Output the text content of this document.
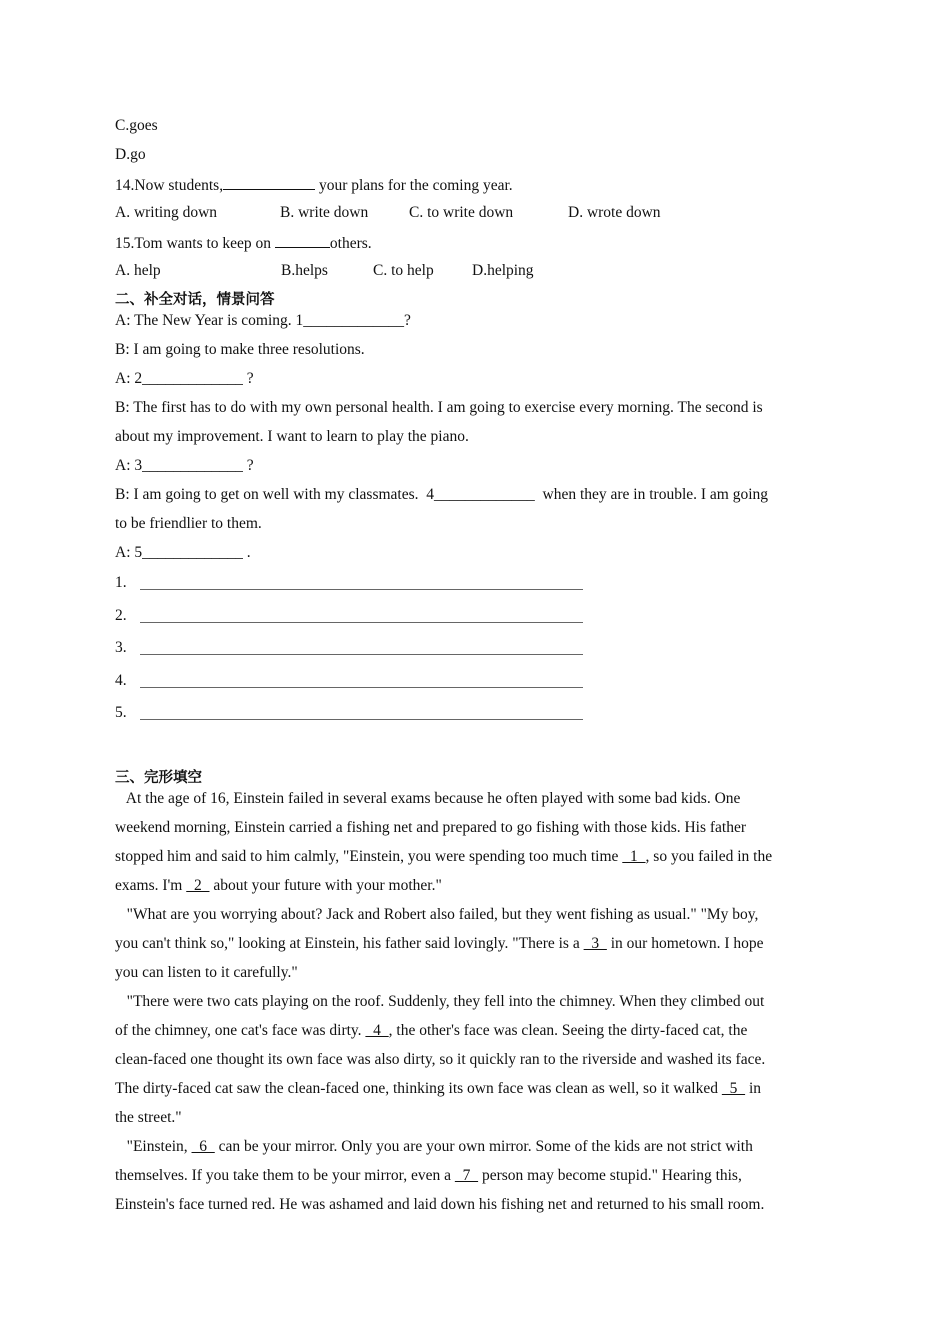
C.goes
D.go
14.Now students,	your plans for the coming year.
A. writing down	B. write down	C. to write down	D. wrote down
15.Tom wants to keep on	others.
A. help	B.helps	C. to help D.helping
二、补全对话，情景问答
A: The New Year is coming. 1_____________?
B: I am going to make three resolutions.
A: 2_____________ ?
B: The first has to do with my own personal health. I am going to exercise every morning. The second is
about my improvement. I want to learn to play the piano.
A: 3_____________ ?
B: I am going to get on well with my classmates.  4_____________  when they are in trouble. I am going
to be friendlier to them.
A: 5_____________ .
1.
2.
3.
4.
5.
三、完形填空
At the age of 16, Einstein failed in several exams because he often played with some bad kids. One
weekend morning, Einstein carried a fishing net and prepared to go fishing with those kids. His father
stopped him and said to him calmly, "Einstein, you were spending too much time   1  , so you failed in the
exams. I'm   2   about your future with your mother."
"What are you worrying about? Jack and Robert also failed, but they went fishing as usual." "My boy,
you can't think so," looking at Einstein, his father said lovingly. "There is a   3   in our hometown. I hope
you can listen to it carefully."
"There were two cats playing on the roof. Suddenly, they fell into the chimney. When they climbed out
of the chimney, one cat's face was dirty.   4  , the other's face was clean. Seeing the dirty-faced cat, the
clean-faced one thought its own face was also dirty, so it quickly ran to the riverside and washed its face.
The dirty-faced cat saw the clean-faced one, thinking its own face was clean as well, so it walked   5   in
the street."
"Einstein,   6   can be your mirror. Only you are your own mirror. Some of the kids are not strict with
themselves. If you take them to be your mirror, even a   7   person may become stupid." Hearing this,
Einstein's face turned red. He was ashamed and laid down his fishing net and returned to his small room.
